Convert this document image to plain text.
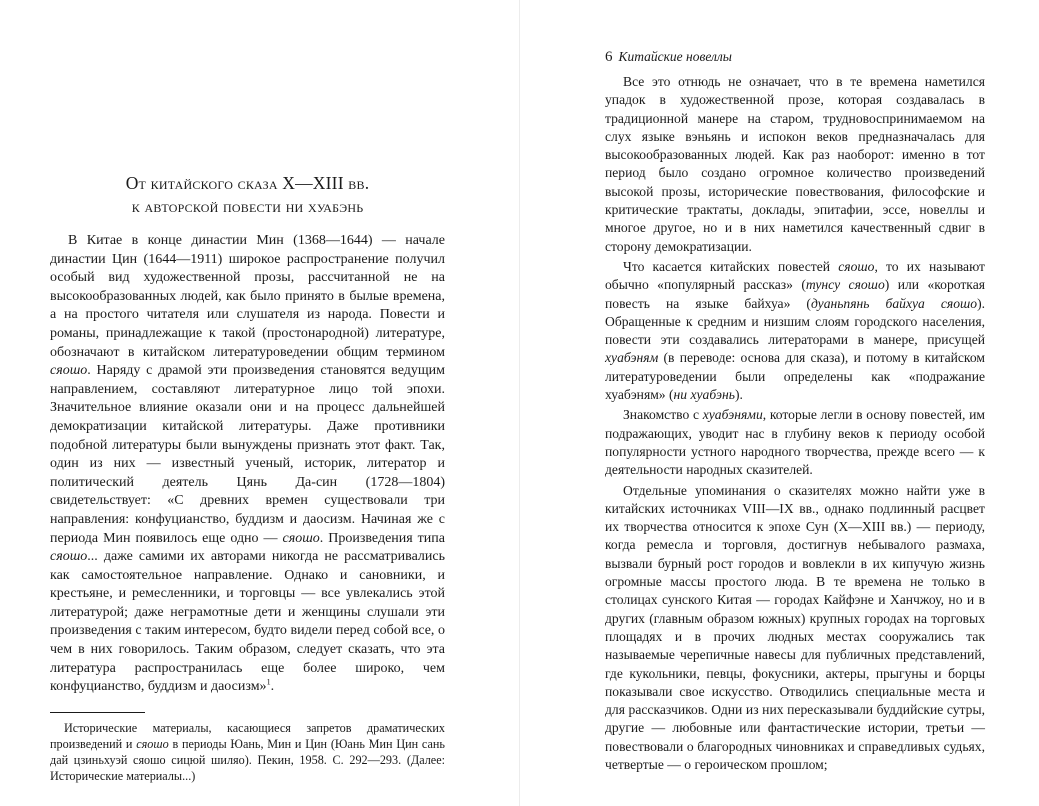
От китайского сказа X—XIII вв.
к авторской повести ни хуабэнь

В Китае в конце династии Мин (1368—1644) — начале династии Цин (1644—1911) широкое распространение получил особый вид художественной прозы, рассчитанной не на высокообразованных людей, как было принято в былые времена, а на простого читателя или слушателя из народа. Повести и романы, принадлежащие к такой (простонародной) литературе, обозначают в китайском литературоведении общим термином сяошо. Наряду с драмой эти произведения становятся ведущим направлением, составляют литературное лицо той эпохи. Значительное влияние оказали они и на процесс дальнейшей демократизации китайской литературы. Даже противники подобной литературы были вынуждены признать этот факт. Так, один из них — известный ученый, историк, литератор и политический деятель Цянь Да-син (1728—1804) свидетельствует: «С древних времен существовали три направления: конфуцианство, буддизм и даосизм. Начиная же с периода Мин появилось еще одно — сяошо. Произведения типа сяошо... даже самими их авторами никогда не рассматривались как самостоятельное направление. Однако и сановники, и крестьяне, и ремесленники, и торговцы — все увлекались этой литературой; даже неграмотные дети и женщины слушали эти произведения с таким интересом, будто видели перед собой все, о чем в них говорилось. Таким образом, следует сказать, что эта литература распространилась еще более широко, чем конфуцианство, буддизм и даосизм»$^1$.

Исторические материалы, касающиеся запретов драматических произведений и сяошо в периоды Юань, Мин и Цин (Юань Мин Цин сань дай цзиньхуэй сяошо сицюй шиляо). Пекин, 1958. С. 292—293. (Далее: Исторические материалы...)
6 Китайские новеллы

Все это отнюдь не означает, что в те времена наметился упадок в художественной прозе, которая создавалась в традиционной манере на старом, трудновоспринимаемом на слух языке вэньянь и испокон веков предназначалась для высокообразованных людей. Как раз наоборот: именно в тот период было создано огромное количество произведений высокой прозы, исторические повествования, философские и критические трактаты, доклады, эпитафии, эссе, новеллы и многое другое, но и в них наметился качественный сдвиг в сторону демократизации.

Что касается китайских повестей сяошо, то их называют обычно «популярный рассказ» (тунсу сяошо) или «короткая повесть на языке байхуа» (дуаньпянь байхуа сяошо). Обращенные к средним и низшим слоям городского населения, повести эти создавались литераторами в манере, присущей хуабэням (в переводе: основа для сказа), и потому в китайском литературоведении были определены как «подражание хуабэням» (ни хуабэнь).

Знакомство с хуабэнями, которые легли в основу повестей, им подражающих, уводит нас в глубину веков к периоду особой популярности устного народного творчества, прежде всего — к деятельности народных сказителей.

Отдельные упоминания о сказителях можно найти уже в китайских источниках VIII—IX вв., однако подлинный расцвет их творчества относится к эпохе Сун (X—XIII вв.) — периоду, когда ремесла и торговля, достигнув небывалого размаха, вызвали бурный рост городов и вовлекли в их кипучую жизнь огромные массы простого люда. В те времена не только в столицах сунского Китая — городах Кайфэне и Ханчжоу, но и в других (главным образом южных) крупных городах на торговых площадях и в прочих людных местах сооружались так называемые черепичные навесы для публичных представлений, где кукольники, певцы, фокусники, актеры, прыгуны и борцы показывали свое искусство. Отводились специальные места и для рассказчиков. Одни из них пересказывали буддийские сутры, другие — любовные или фантастические истории, третьи — повествовали о благородных чиновниках и справедливых судьях, четвертые — о героическом прошлом;
